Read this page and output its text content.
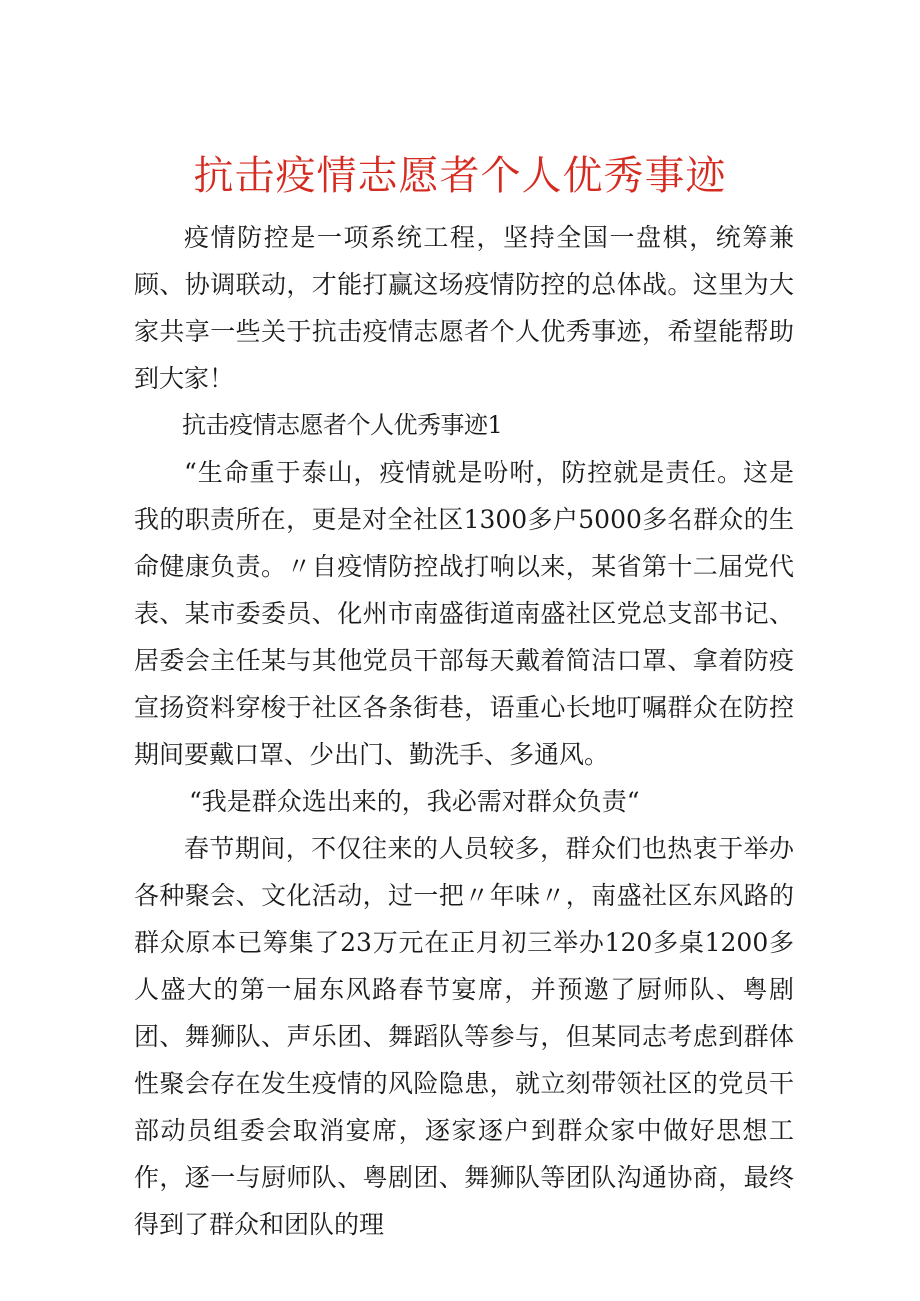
抗击疫情志愿者个人优秀事迹

疫情防控是一项系统工程，坚持全国一盘棋，统筹兼顾、协调联动，才能打赢这场疫情防控的总体战。这里为大家共享一些关于抗击疫情志愿者个人优秀事迹，希望能帮助到大家！

抗击疫情志愿者个人优秀事迹1

“生命重于泰山，疫情就是吩咐，防控就是责任。这是我的职责所在，更是对全社区1300多户5000多名群众的生命健康负责。〃自疫情防控战打响以来，某省第十二届党代表、某市委委员、化州市南盛街道南盛社区党总支部书记、居委会主任某与其他党员干部每天戴着简洁口罩、拿着防疫宣扬资料穿梭于社区各条街巷，语重心长地叮嘱群众在防控期间要戴口罩、少出门、勤洗手、多通风。

“我是群众选出来的，我必需对群众负责“

春节期间，不仅往来的人员较多，群众们也热衷于举办各种聚会、文化活动，过一把〃年味〃，南盛社区东风路的群众原本已筹集了23万元在正月初三举办120多桌1200多人盛大的第一届东风路春节宴席，并预邀了厨师队、粤剧团、舞狮队、声乐团、舞蹈队等参与，但某同志考虑到群体性聚会存在发生疫情的风险隐患，就立刻带领社区的党员干部动员组委会取消宴席，逐家逐户到群众家中做好思想工作，逐一与厨师队、粤剧团、舞狮队等团队沟通协商，最终得到了群众和团队的理
